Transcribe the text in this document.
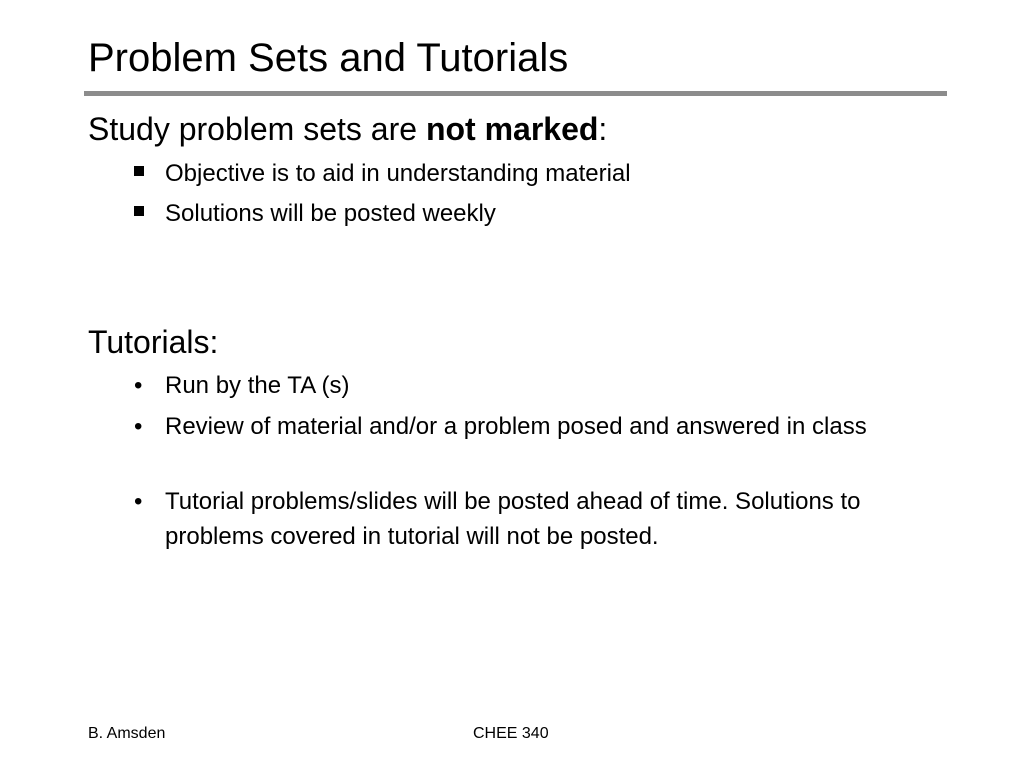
Problem Sets and Tutorials
Study problem sets are not marked:
Objective is to aid in understanding material
Solutions will be posted weekly
Tutorials:
• Run by the TA (s)
• Review of material and/or a problem posed and answered in class
• Tutorial problems/slides will be posted ahead of time. Solutions to problems covered in tutorial will not be posted.
B. Amsden	CHEE 340
